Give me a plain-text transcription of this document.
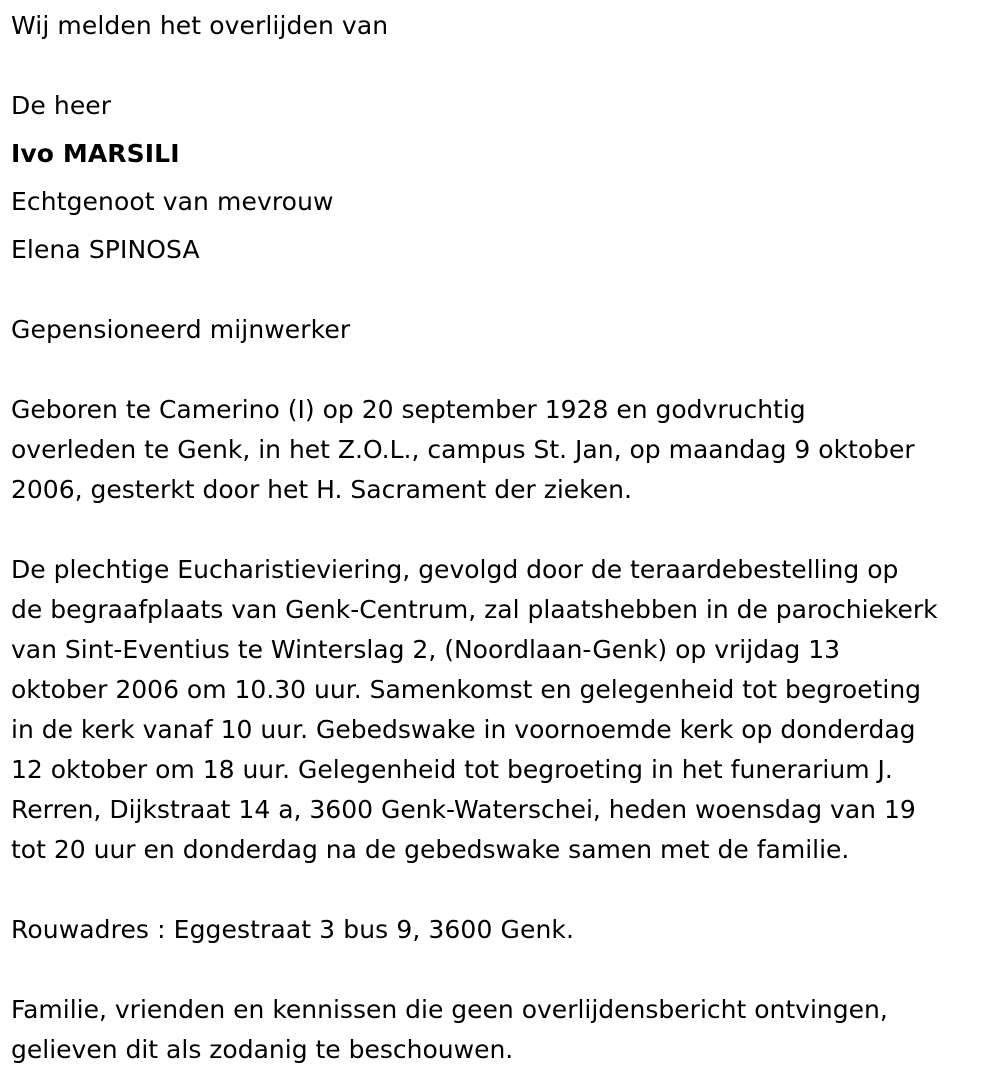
Wij melden het overlijden van
De heer
Ivo MARSILI
Echtgenoot van mevrouw
Elena SPINOSA
Gepensioneerd mijnwerker
Geboren te Camerino (I) op 20 september 1928 en godvruchtig
overleden te Genk, in het Z.O.L., campus St. Jan, op maandag 9 oktober
2006, gesterkt door het H. Sacrament der zieken.
De plechtige Eucharistieviering, gevolgd door de teraardebestelling op
de begraafplaats van Genk-Centrum, zal plaatshebben in de parochiekerk
van Sint-Eventius te Winterslag 2, (Noordlaan-Genk) op vrijdag 13
oktober 2006 om 10.30 uur. Samenkomst en gelegenheid tot begroeting
in de kerk vanaf 10 uur. Gebedswake in voornoemde kerk op donderdag
12 oktober om 18 uur. Gelegenheid tot begroeting in het funerarium J.
Rerren, Dijkstraat 14 a, 3600 Genk-Waterschei, heden woensdag van 19
tot 20 uur en donderdag na de gebedswake samen met de familie.
Rouwadres : Eggestraat 3 bus 9, 3600 Genk.
Familie, vrienden en kennissen die geen overlijdensbericht ontvingen,
gelieven dit als zodanig te beschouwen.
